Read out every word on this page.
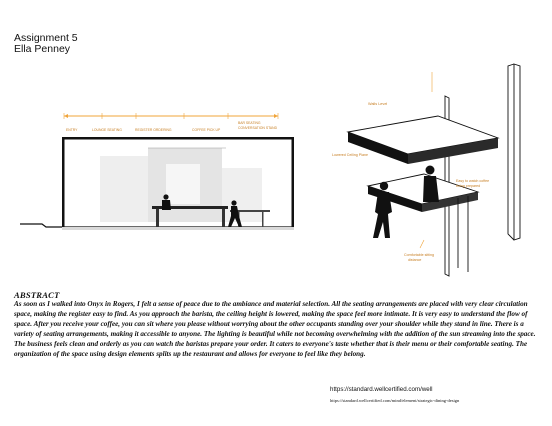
Assignment 5
Ella Penney
ENTRY	LOUNGE SEATING	REGISTER ORDERING	COFFEE PICK UP
BAR SEATING
CONVERSATION STAND
Walls Level
Lowered Ceiling Plane
Easy to watch coffee
being prepared
Comfortable sitting
distance
ABSTRACT
As soon as I walked into Onyx in Rogers, I felt a sense of peace due to the ambiance and material selection. All the seating arrangements are placed with very clear circulation space, making the register easy to find. As you approach the barista, the ceiling height is lowered, making the space feel more intimate. It is very easy to understand the flow of space. After you receive your coffee, you can sit where you please without worrying about the other occupants standing over your shoulder while they stand in line. There is a variety of seating arrangements, making it accessible to anyone. The lighting is beautiful while not becoming overwhelming with the addition of the sun streaming into the space. The business feels clean and orderly as you can watch the baristas prepare your order. It caters to everyone's taste whether that is their menu or their comfortable seating. The organization of the space using design elements splits up the restaurant and allows for everyone to feel like they belong.
https://standard.wellcertified.com/well
https://standard.wellcertified.com/mind/element/strategic-dining-design
